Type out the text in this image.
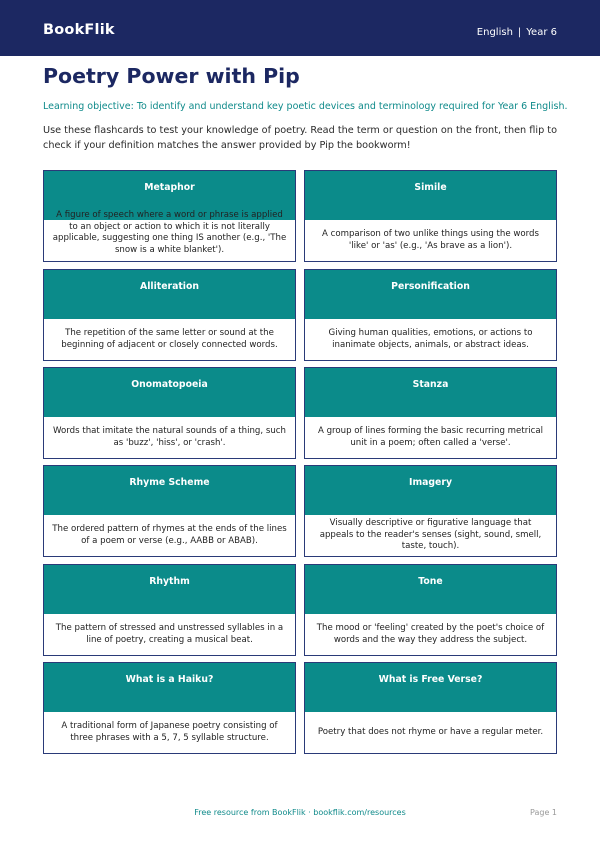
BookFlik	English | Year 6
Poetry Power with Pip
Learning objective: To identify and understand key poetic devices and terminology required for Year 6 English.
Use these flashcards to test your knowledge of poetry. Read the term or question on the front, then flip to check if your definition matches the answer provided by Pip the bookworm!
Metaphor
A figure of speech where a word or phrase is applied to an object or action to which it is not literally applicable, suggesting one thing IS another (e.g., 'The snow is a white blanket').
Simile
A comparison of two unlike things using the words 'like' or 'as' (e.g., 'As brave as a lion').
Alliteration
The repetition of the same letter or sound at the beginning of adjacent or closely connected words.
Personification
Giving human qualities, emotions, or actions to inanimate objects, animals, or abstract ideas.
Onomatopoeia
Words that imitate the natural sounds of a thing, such as 'buzz', 'hiss', or 'crash'.
Stanza
A group of lines forming the basic recurring metrical unit in a poem; often called a 'verse'.
Rhyme Scheme
The ordered pattern of rhymes at the ends of the lines of a poem or verse (e.g., AABB or ABAB).
Imagery
Visually descriptive or figurative language that appeals to the reader's senses (sight, sound, smell, taste, touch).
Rhythm
The pattern of stressed and unstressed syllables in a line of poetry, creating a musical beat.
Tone
The mood or 'feeling' created by the poet's choice of words and the way they address the subject.
What is a Haiku?
A traditional form of Japanese poetry consisting of three phrases with a 5, 7, 5 syllable structure.
What is Free Verse?
Poetry that does not rhyme or have a regular meter.
Free resource from BookFlik · bookflik.com/resources	Page 1
